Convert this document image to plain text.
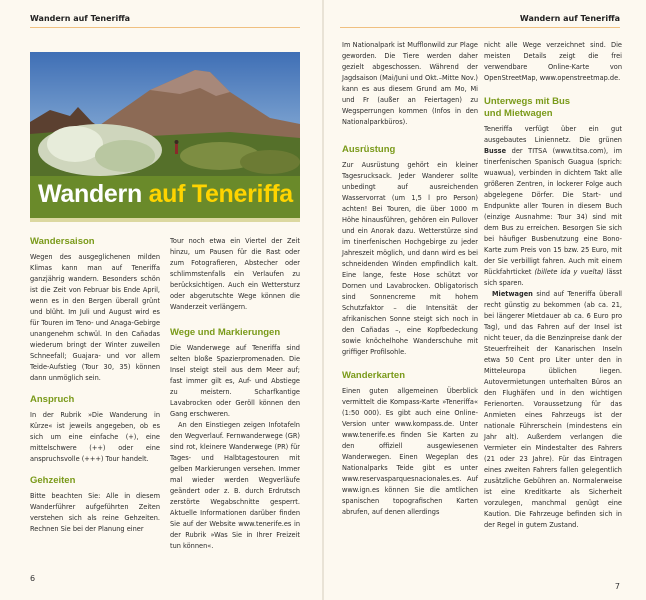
Wandern auf Teneriffa
Wandern auf Teneriffa
Wandersaison

Wegen des ausgeglichenen milden Klimas kann man auf Teneriffa ganzjährig wandern. Besonders schön ist die Zeit von Februar bis Ende April, wenn es in den Bergen überall grünt und blüht. Im Juli und August wird es für Touren im Teno- und Anaga-Gebirge unangenehm schwül. In den Cañadas wiederum bringt der Winter zuweilen Schneefall; Guajara- und vor allem Teide-Aufstieg (Tour 30, 35) können dann unmöglich sein.

Anspruch

In der Rubrik »Die Wanderung in Kürze« ist jeweils angegeben, ob es sich um eine einfache (+), eine mittelschwere (++) oder eine anspruchsvolle (+++) Tour handelt.

Gehzeiten

Bitte beachten Sie: Alle in diesem Wanderführer aufgeführten Zeiten verstehen sich als reine Gehzeiten. Rechnen Sie bei der Planung einer

Tour noch etwa ein Viertel der Zeit hinzu, um Pausen für die Rast oder zum Fotografieren, Abstecher oder schlimmstenfalls ein Verlaufen zu berücksichtigen. Auch ein Wettersturz oder abgerutschte Wege können die Wanderzeit verlängern.

Wege und Markierungen

Die Wanderwege auf Teneriffa sind selten bloße Spazierpromenaden. Die Insel steigt steil aus dem Meer auf; fast immer gilt es, Auf- und Abstiege zu meistern. Scharfkantige Lavabrocken oder Geröll können den Gang erschweren.

An den Einstiegen zeigen Infotafeln den Wegverlauf. Fernwanderwege (GR) sind rot, kleinere Wanderwege (PR) für Tages- und Halbtagestouren mit gelben Markierungen versehen. Immer mal wieder werden Wegverläufe geändert oder z. B. durch Erdrutsch zerstörte Wegabschnitte gesperrt. Aktuelle Informationen darüber finden Sie auf der Website www.tenerife.es in der Rubrik »Was Sie in Ihrer Freizeit tun können«.

6
Wandern auf Teneriffa

Im Nationalpark ist Mufflonwild zur Plage geworden. Die Tiere werden daher gezielt abgeschossen. Während der Jagdsaison (Mai/Juni und Okt.–Mitte Nov.) kann es aus diesem Grund am Mo, Mi und Fr (außer an Feiertagen) zu Wegsperrungen kommen (Infos in den Nationalparkbüros).

Ausrüstung

Zur Ausrüstung gehört ein kleiner Tagesrucksack. Jeder Wanderer sollte unbedingt auf ausreichenden Wasservorrat (um 1,5 l pro Person) achten! Bei Touren, die über 1000 m Höhe hinausführen, gehören ein Pullover und ein Anorak dazu. Wetterstürze sind im tinerfenischen Hochgebirge zu jeder Jahreszeit möglich, und dann wird es bei schneidenden Winden empfindlich kalt. Eine lange, feste Hose schützt vor Dornen und Lavabrocken. Obligatorisch sind Sonnencreme mit hohem Schutzfaktor – die Intensität der afrikanischen Sonne steigt sich noch in den Cañadas –, eine Kopfbedeckung sowie knöchelhohe Wanderschuhe mit griffiger Profilsohle.

Wanderkarten

Einen guten allgemeinen Überblick vermittelt die Kompass-Karte »Teneriffa« (1:50 000). Es gibt auch eine Online-Version unter www.kompass.de. Unter www.tenerife.es finden Sie Karten zu den offiziell ausgewiesenen Wanderwegen. Einen Wegeplan des Nationalparks Teide gibt es unter www.reservasparquesnacionales.es. Auf www.ign.es können Sie die amtlichen spanischen topografischen Karten abrufen, auf denen allerdings

nicht alle Wege verzeichnet sind. Die meisten Details zeigt die frei verwendbare Online-Karte von OpenStreetMap, www.openstreetmap.de.

Unterwegs mit Bus
und Mietwagen

Teneriffa verfügt über ein gut ausgebautes Liniennetz. Die grünen Busse der TITSA (www.titsa.com), im tinerfenischen Spanisch Guagua (sprich: wuawua), verbinden in dichtem Takt alle größeren Zentren, in lockerer Folge auch abgelegene Dörfer. Die Start- und Endpunkte aller Touren in diesem Buch (einzige Ausnahme: Tour 34) sind mit dem Bus zu erreichen. Besorgen Sie sich bei häufiger Busbenutzung eine Bono-Karte zum Preis von 15 bzw. 25 Euro, mit der Sie verbilligt fahren. Auch mit einem Rückfahrticket (billete ida y vuelta) lässt sich sparen.

Mietwagen sind auf Teneriffa überall recht günstig zu bekommen (ab ca. 21, bei längerer Mietdauer ab ca. 6 Euro pro Tag), und das Fahren auf der Insel ist nicht teuer, da die Benzinpreise dank der Steuerfreiheit der Kanarischen Inseln etwa 50 Cent pro Liter unter den in Mitteleuropa üblichen liegen. Autovermietungen unterhalten Büros an den Flughäfen und in den wichtigen Ferienorten. Voraussetzung für das Anmieten eines Fahrzeugs ist der nationale Führerschein (mindestens ein Jahr alt). Außerdem verlangen die Vermieter ein Mindestalter des Fahrers (21 oder 23 Jahre). Für das Eintragen eines zweiten Fahrers fallen gelegentlich zusätzliche Gebühren an. Normalerweise ist eine Kreditkarte als Sicherheit vorzulegen, manchmal genügt eine Kaution. Die Fahrzeuge befinden sich in der Regel in gutem Zustand.

7
